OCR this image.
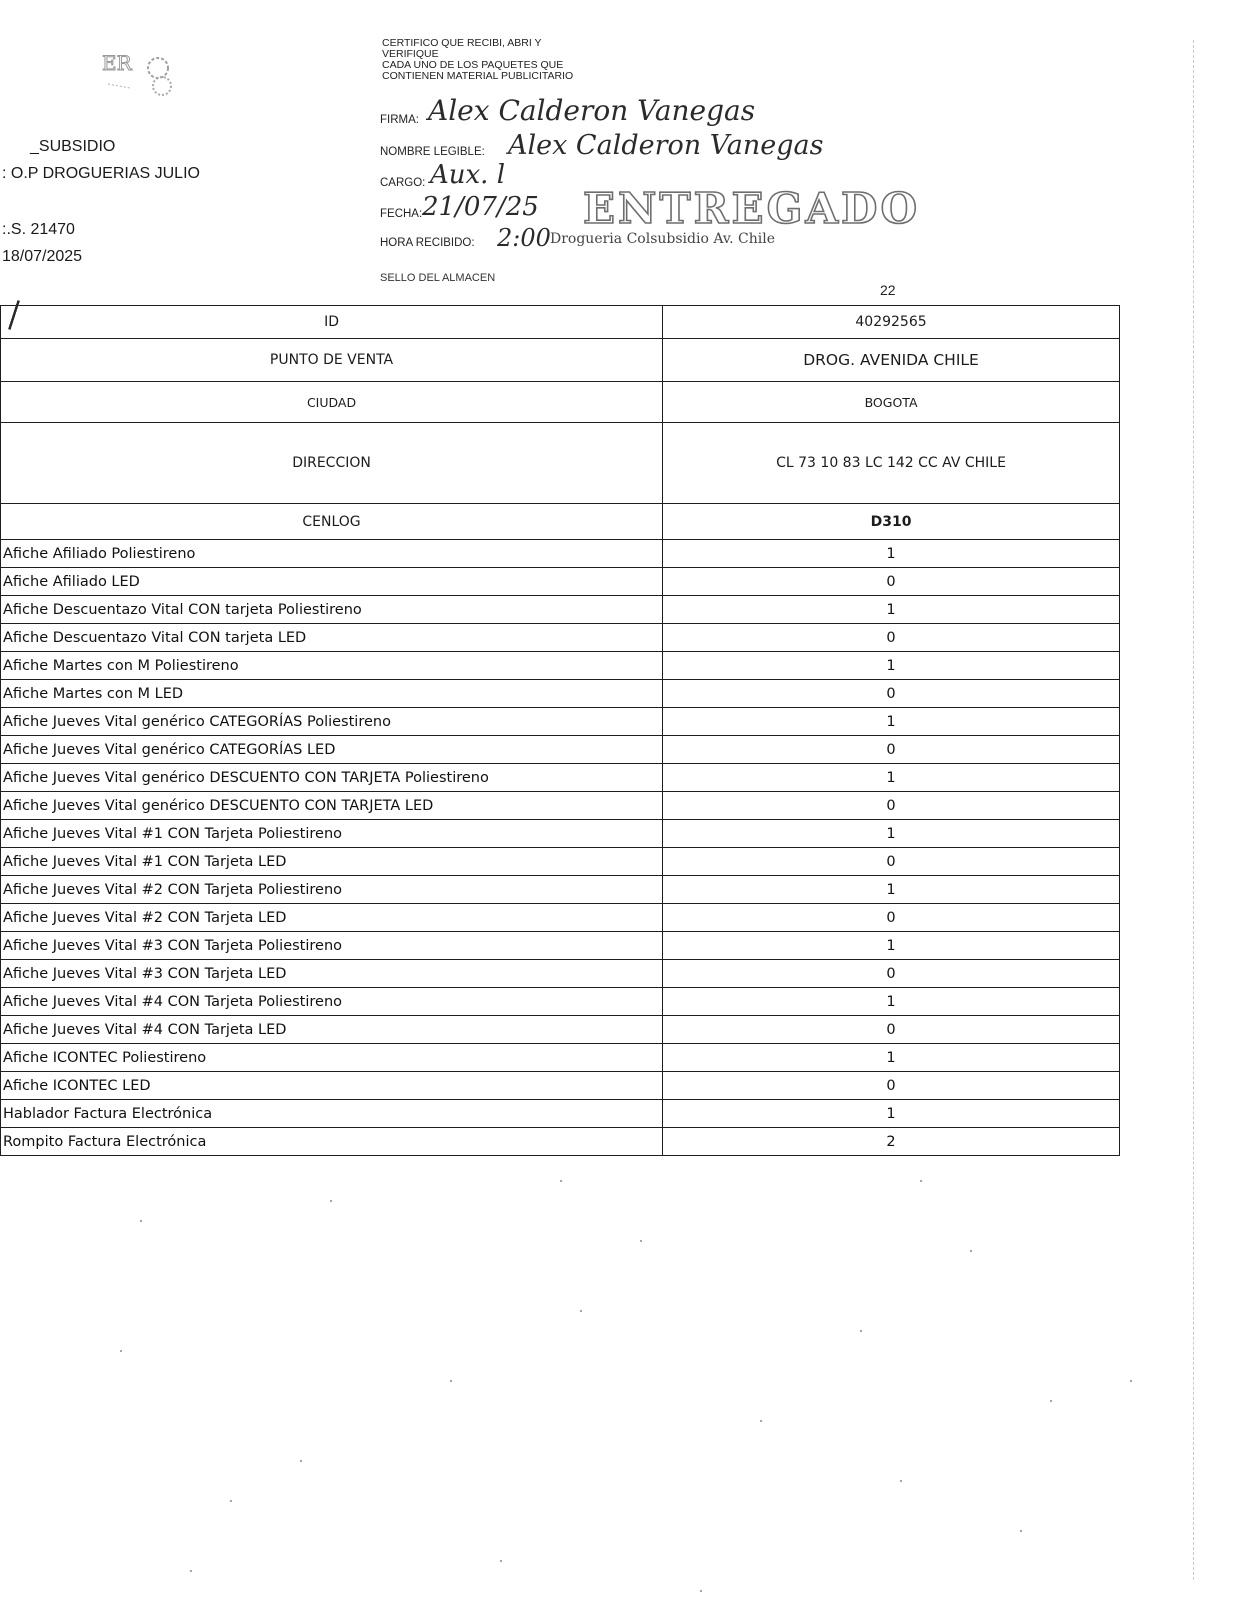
ER
_SUBSIDIO
: O.P DROGUERIAS JULIO
:.S. 21470
18/07/2025
CERTIFICO QUE RECIBI, ABRI Y
VERIFIQUE
CADA UNO DE LOS PAQUETES QUE
CONTIENEN MATERIAL PUBLICITARIO
FIRMA: Alex Calderon Vanegas
NOMBRE LEGIBLE: Alex Calderon Vanegas
CARGO: Aux. l
FECHA: 21/07/25 ENTREGADO
HORA RECIBIDO: 2:00 Drogueria Colsubsidio Av. Chile
SELLO DEL ALMACEN
22
ID	40292565
PUNTO DE VENTA	DROG. AVENIDA CHILE
CIUDAD	BOGOTA
DIRECCION	CL 73 10 83 LC 142 CC AV CHILE
CENLOG	D310
Afiche Afiliado Poliestireno	1

Afiche Afiliado LED	0

Afiche Descuentazo Vital CON tarjeta Poliestireno	1

Afiche Descuentazo Vital CON tarjeta LED	0

Afiche Martes con M Poliestireno	1

Afiche Martes con M LED	0

Afiche Jueves Vital genérico CATEGORÍAS Poliestireno	1

Afiche Jueves Vital genérico CATEGORÍAS LED	0

Afiche Jueves Vital genérico DESCUENTO CON TARJETA Poliestireno	1

Afiche Jueves Vital genérico DESCUENTO CON TARJETA LED	0

Afiche Jueves Vital #1 CON Tarjeta Poliestireno	1

Afiche Jueves Vital #1 CON Tarjeta LED	0

Afiche Jueves Vital #2 CON Tarjeta Poliestireno	1

Afiche Jueves Vital #2 CON Tarjeta LED	0

Afiche Jueves Vital #3 CON Tarjeta Poliestireno	1

Afiche Jueves Vital #3 CON Tarjeta LED	0

Afiche Jueves Vital #4 CON Tarjeta Poliestireno	1

Afiche Jueves Vital #4 CON Tarjeta LED	0

Afiche ICONTEC Poliestireno	1

Afiche ICONTEC LED	0

Hablador Factura Electrónica	1

Rompito Factura Electrónica	2
